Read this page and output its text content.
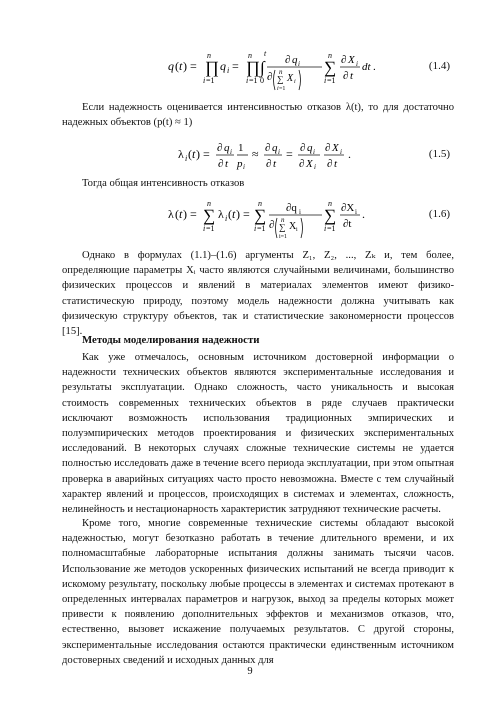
q ( t ) = ∏
n
i =1
q i = ∏ ∫
n t
i =1 0
∂ q i
∂ n
∑ X i
i =1
∑
n
i =1
∂ X i
∂ t
dt .	(1.4)

Если надежность оценивается интенсивностью отказов λ(t), то для достаточно надежных объектов (p(t) ≈ 1)

λ i ( t ) = ∂ q i
∂ t
1
p i
≈ ∂ q i
∂ t
= ∂ q i
∂ X i
∂ X i
∂ t
.	(1.5)

Тогда общая интенсивность отказов

λ ( t ) = ∑
n
i =1
λ i ( t ) = ∑
n
i =1
∂q i
∂ n
∑ X i
i=1
∑
n
i =1
∂X i
∂t
.	(1.6)

Однако в формулах (1.1)–(1.6) аргументы Z₁, Z₂, ..., Zₖ и, тем более, определяющие параметры Xᵢ часто являются случайными величинами, большинство физических процессов и явлений в материалах элементов имеют физико-статистическую природу, поэтому модель надежности должна учитывать как физическую структуру объектов, так и статистические закономерности процессов [15].

Методы моделирования надежности

Как уже отмечалось, основным источником достоверной информации о надежности технических объектов являются экспериментальные исследования и результаты эксплуатации. Однако сложность, часто уникальность и высокая стоимость современных технических объектов в ряде случаев практически исключают возможность использования традиционных эмпирических и полуэмпирических методов проектирования и физических экспериментальных исследований. В некоторых случаях сложные технические системы не удается полностью исследовать даже в течение всего периода эксплуатации, при этом опытная проверка в аварийных ситуациях часто просто невозможна. Вместе с тем случайный характер явлений и процессов, происходящих в системах и элементах, сложность, нелинейность и нестационарность характеристик затрудняют технические расчеты.

Кроме того, многие современные технические системы обладают высокой надежностью, могут безотказно работать в течение длительного времени, и их полномасштабные лабораторные испытания должны занимать тысячи часов. Использование же методов ускоренных физических испытаний не всегда приводит к искомому результату, поскольку любые процессы в элементах и системах протекают в определенных интервалах параметров и нагрузок, выход за пределы которых может привести к появлению дополнительных эффектов и механизмов отказов, что, естественно, вызовет искажение получаемых результатов. С другой стороны, экспериментальные исследования остаются практически единственным источником достоверных сведений и исходных данных для

9
